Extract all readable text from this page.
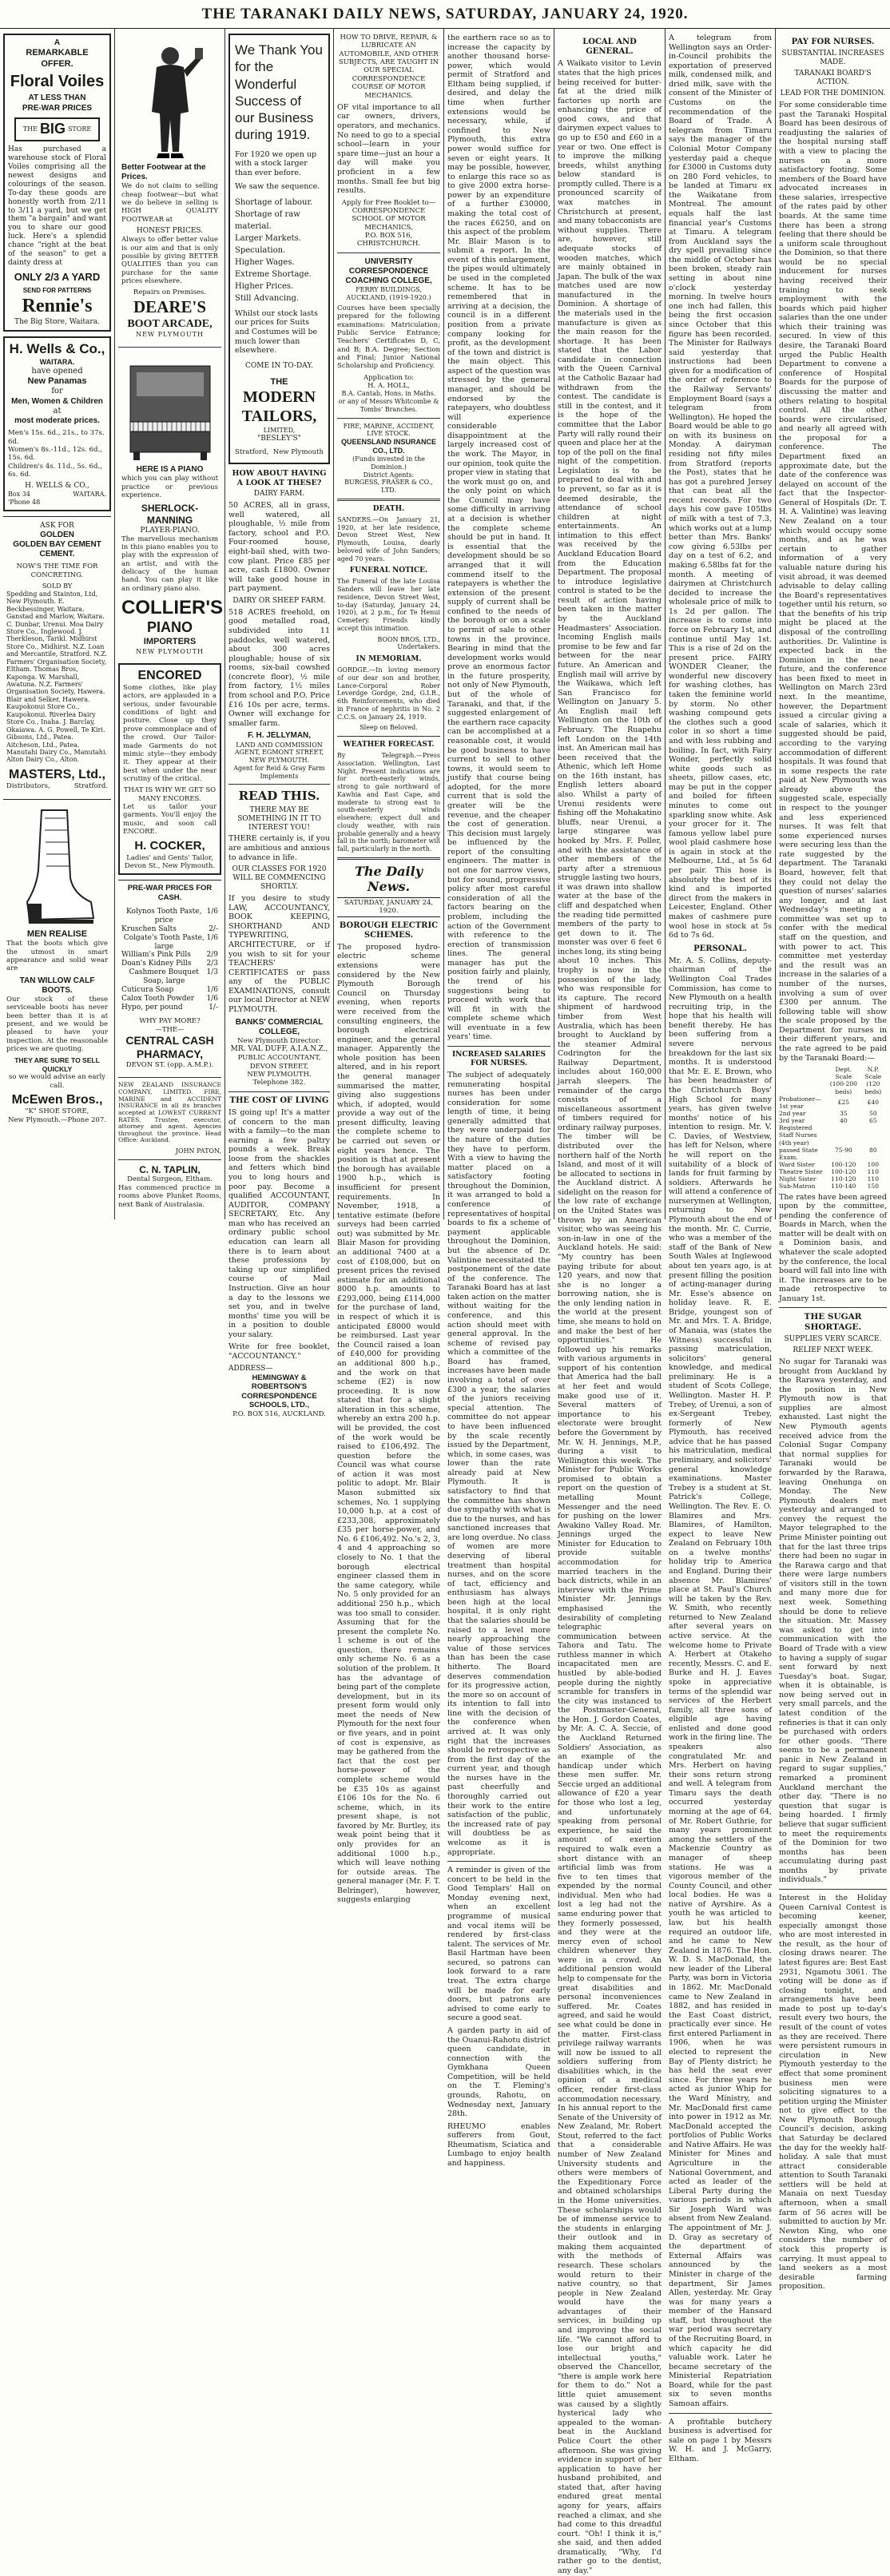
THE TARANAKI DAILY NEWS, SATURDAY, JANUARY 24, 1920.
A
REMARKABLE
OFFER.
Floral Voiles
AT LESS THAN
PRE-WAR PRICES
THE BIG STORE

Has purchased a warehouse stock of Floral Voiles comprising all the newest designs and colourings of the season. To-day these goods are honestly worth from 2/11 to 3/11 a yard, but we get them "a bargain" and want you to share our good luck. Here's a splendid chance "right at the beat of the season" to get a dainty dress at

ONLY 2/3 A YARD
SEND FOR PATTERNS
Rennie's
The Big Store, Waitara.
H. Wells & Co.,
WAITARA.
have opened
New Panamas
for
Men, Women & Children
at
most moderate prices.
Men's 15s. 6d., 21s., to 37s. 6d.
Women's 8s.-11d., 12s. 6d., 15s. 6d.
Children's 4s. 11d., 5s. 6d., 6s. 6d.
H. WELLS & CO.,
Box 34	WAITARA.
'Phone 48
ASK FOR
GOLDEN
GOLDEN BAY CEMENT
CEMENT.
NOW'S THE TIME FOR CONCRETING.
SOLD BY

Spedding and Stainton, Ltd, New Plymouth. E. Beckbessinger, Waitara. Ganstad and Marlow, Waitara. C. Dunbar, Urenui. Moa Dairy Store Co., Inglewood. J. Therkleson, Tarikl. Midhirst Store Co., Midhirst. N.Z. Loan and Mercantile, Stratford. N.Z. Farmers' Organisation Society, Eltham. Thomas Bros, Kaponga. W. Marshall, Awatuna. N.Z. Farmers' Organisation Society, Hawera. Blair and Selker, Hawera. Kaupokonui Store Co., Kaupokonui. Riverlea Dairy Store Co., Inaha. J. Barclay, Okaiawa. A. G. Powell, Te Kiri. Gibsons, Ltd., Patea. Aitcheson, Ltd., Patea. Manutahi Dairy Co., Manutahi. Alton Dairy Co., Alton.

MASTERS, Ltd.,
Distributors,	Stratford.
MEN REALISE

That the boots which give the utmost in smart appearance and solid wear are

TAN WILLOW CALF BOOTS.

Our stock of these serviceable boots has never been better than it is at present, and we would be pleased to have your inspection. At the reasonable prices we are quoting.

THEY ARE SURE TO SELL QUICKLY
so we would advise an early call.
McEwen Bros.,
"K" SHOE STORE,
New Plymouth.—Phone 207.
Better Footwear at the Prices.

We do not claim to selling cheap footwear—but what we do believe in selling is HIGH QUALITY FOOTWEAR at

HONEST PRICES.

Always to offer better value is our aim and that is only possible by giving BETTER QUALITIES than you can purchase for the same prices elsewhere.

Repairs on Premises.
DEARE'S
BOOT ARCADE,
NEW PLYMOUTH
HERE IS A PIANO

which you can play without practice or previous experience.

SHERLOCK-MANNING
PLAYER-PIANO.

The marvellous mechanism in this piano enables you to play with the expression of an artist, and with the delicacy of the human hand. You can play it like an ordinary piano also.

COLLIER'S
PIANO
IMPORTERS
NEW PLYMOUTH
ENCORED

Some clothes, like play actors, are applauded in a serious, under favourable conditions of light and posture. Close up they prove commonplace and of the crowd. Our Tailor-made Garments do not mimic style—they embody it. They appear at their best when under the near scrutiny of the critical.

THAT IS WHY WE GET SO MANY ENCORES.

Let us tailor your garments. You'll enjoy the music, and soon call ENCORE.

H. COCKER,
Ladies' and Gents' Tailor,
Devon St., New Plymouth.
PRE-WAR PRICES FOR CASH.
Kolynos Tooth Paste, price
1/6
Kruschen Salts	2/-
Colgate's Tooth Paste, large
1/6
William's Pink Pills 2/9
Doan's Kidney Pills 2/3
Cashmere Bouquet Soap, large
1/3
Cuticura Soap	1/6
Calox Tooth Powder 1/6
Hypo, per pound	1/-
WHY PAY MORE?
—THE—
CENTRAL CASH
PHARMACY,
DEVON ST. (opp. A.M.P.).

NEW ZEALAND INSURANCE COMPANY, LIMITED. FIRE, MARINE and ACCIDENT INSURANCE in all its branches accepted at LOWEST CURRENT RATES. Trustee, executor, attorney and agent. Agencies throughout the province. Head Office: Auckland.

JOHN PATON,
C. N. TAPLIN,
Dental Surgeon, Eltham.

Has commenced practice in rooms above Plunket Rooms, next Bank of Australasia.

We Thank You for the Wonderful Success of our Business during 1919.

For 1920 we open up with a stock larger than ever before.

We saw the sequence.
Shortage of labour.
Shortage of raw material.
Larger Markets.
Speculation.
Higher Wages.
Extreme Shortage.
Higher Prices.
Still Advancing.

Whilst our stock lasts our prices for Suits and Costumes will be much lower than elsewhere.

COME IN TO-DAY.
THE
MODERN
TAILORS,
LIMITED,
"BESLEY'S"
Stratford, New Plymouth
HOW ABOUT HAVING A LOOK AT THESE?
DAIRY FARM.

50 ACRES, all in grass, well watered, all ploughable, ½ mile from factory, school and P.O. Four-roomed house, eight-bail shed, with two-cow plant. Price £85 per acre, cash £1800. Owner will take good house in part payment.

DAIRY OR SHEEP FARM.

518 ACRES freehold, on good metalled road, subdivided into 11 paddocks, well watered, about 300 acres ploughable; house of six rooms, six-bail cowshed (concrete floor), ½ mile from factory, 1½ miles from school and P.O. Price £16 10s per acre, terms. Owner will exchange for smaller farm.

F. H. JELLYMAN,
LAND AND COMMISSION AGENT, EGMONT STREET, NEW PLYMOUTH.
Agent for Reid & Gray Farm Implements
READ THIS.
THERE MAY BE SOMETHING IN IT TO INTEREST YOU!

THERE certainly is, if you are ambitious and anxious to advance in life.

OUR CLASSES FOR 1920 WILL BE COMMENCING SHORTLY.

If you desire to study LAW, ACCOUNTANCY, BOOK KEEPING, SHORTHAND AND TYPEWRITING, ARCHITECTURE, or if you wish to sit for your TEACHERS' CERTIFICATES or pass any of the PUBLIC EXAMINATIONS, consult our local Director at NEW PLYMOUTH.

BANKS' COMMERCIAL COLLEGE,
New Plymouth Director:
MR. VAL DUFF, A.I.A.N.Z.,
PUBLIC ACCOUNTANT,
DEVON STREET,
NEW PLYMOUTH.
Telephone 382.
THE COST OF LIVING

IS going up! It's a matter of concern to the man with a family—to the man earning a few paltry pounds a week. Break loose from the shackles and fetters which bind you to long hours and poor pay. Become a qualified ACCOUNTANT, AUDITOR, COMPANY SECRETARY, Etc. Any man who has received an ordinary public school education can learn all there is to learn about these professions by taking up our simplified course of Mail Instruction. Give an hour a day to the lessons we set you, and in twelve months' time you will be in a position to double your salary.

Write for free booklet, "ACCOUNTANCY."

ADDRESS—
HEMINGWAY & ROBERTSON'S CORRESPONDENCE SCHOOLS, LTD.,
P.O. BOX 516, AUCKLAND.
HOW TO DRIVE, REPAIR, & LUBRICATE AN AUTOMOBILE, AND OTHER SUBJECTS, ARE TAUGHT IN
OUR SPECIAL CORRESPONDENCE COURSE OF MOTOR MECHANICS.

OF vital importance to all car owners, drivers, operators, and mechanics. No need to go to a special school—learn in your spare time—just an hour a day will make you proficient in a few months. Small fee but big results.

Apply for Free Booklet to—
CORRESPONDENCE SCHOOL OF MOTOR MECHANICS,
P.O. BOX 516,
CHRISTCHURCH.
UNIVERSITY
CORRESPONDENCE COACHING COLLEGE,
FERRY BUILDINGS, AUCKLAND, (1919-1920.)

Courses have been specially prepared for the following examinations: Matriculation; Public Service Entrance; Teachers' Certificates D, C, and B; B.A. Degree; Section and Final; Junior National Scholarship and Proficiency.

Application to:
H. A. HOLL,
B.A. Cantab, Hons. in Maths. or any of Messrs Whitcombe & Tombs' Branches.
FIRE, MARINE, ACCIDENT, LIVE STOCK.
QUEENSLAND INSURANCE CO., LTD.
(Funds invested in the Dominion.)
District Agents:
BURGESS, FRASER & CO., LTD.
DEATH.

SANDERS.—On January 21, 1920, at her late residence, Devon Street West, New Plymouth, Louisa, dearly beloved wife of John Sanders; aged 70 years.

FUNERAL NOTICE.

The Funeral of the late Louisa Sanders will leave her late residence, Devon Street West, to-day (Saturday, January 24, 1920), at 2 p.m., for Te Henui Cemetery. Friends kindly accept this intimation.

BOON BROS, LTD., Undertakers.
IN MEMORIAM.

GORDGE.—In loving memory of our dear son and brother, Lance-Corporal Rober Leverdge Gordge, 2nd, G.I.R., 6th Reinforcements, who died in France of nephritis in No. 2 C.C.S. on January 24, 1919.

Sleep on Beloved.
WEATHER FORECAST.

By Telegraph.—Press Association. Wellington, Last Night. Present indications are for north-easterly winds, strong to gale northward of Kawhia and East Cape, and moderate to strong east to south-easterly winds elsewhere; expect dull and cloudy weather, with rain probable generally and a heavy fall in the north; barometer will fall, particularly in the north.

The Daily News.
SATURDAY, JANUARY 24, 1920.
BOROUGH ELECTRIC SCHEMES.

The proposed hydro-electric scheme extensions were considered by the New Plymouth Borough Council on Thursday evening, when reports were received from the consulting engineers, the borough electrical engineer, and the general manager. Apparently the whole position has been altered, and in his report the general manager summarised the matter, giving also suggestions which, if adopted, would provide a way out of the present difficulty, leaving the complete scheme to be carried out seven or eight years hence. The position is that at present the borough has available 1900 h.p., which is insufficient for present requirements. In November, 1918, a tentative estimate (before surveys had been carried out) was submitted by Mr. Blair Mason for providing an additional 7400 at a cost of £108,000, but on present prices the revised estimate for an additional 8000 h.p. amounts to £293,000, being £114,000 for the purchase of land, in respect of which it is anticipated £8000 would be reimbursed. Last year the Council raised a loan of £40,000 for providing an additional 800 h.p., and the work on that scheme (E2) is now proceeding. It is now stated that for a slight alteration in this scheme, whereby an extra 200 h.p. will be provided, the cost of the work would be raised to £106,492. The question before the Council was what course of action it was most politic to adopt. Mr. Blair Mason submitted six schemes, No. 1 supplying 10,000 h.p. at a cost of £233,308, approximately £35 per horse-power, and No. 6 £106,492. No.'s 2, 3, 4 and 4 approaching so closely to No. 1 that the borough electrical engineer classed them in the same category, while No. 5 only provided for an additional 250 h.p., which was too small to consider. Assuming that for the present the complete No. 1 scheme is out of the question, there remains only scheme No. 6 as a solution of the problem. It has the advantage of being part of the complete development, but in its present form would only meet the needs of New Plymouth for the next four or five years, and in point of cost is expensive, as may be gathered from the fact that the cost per horse-power of the complete scheme would be £35 10s as against £106 10s for the No. 6 scheme, which, in its present shape, is not favored by Mr. Burtley, its weak point being that it only provides for an additional 1000 h.p., which will leave nothing for outside areas. The general manager (Mr. F. T. Belringer), however, suggests enlarging

the earthern race so as to increase the capacity by another thousand horse-power, which would permit of Stratford and Eltham being supplied, if desired, and delay the time when further extensions would be necessary, while, if confined to New Plymouth, this extra power would suffice for seven or eight years. It may be possible, however, to enlarge this race so as to give 2000 extra horse-power by an expenditure of a further £30000, making the total cost of the races £6250, and on this aspect of the problem Mr. Blair Mason is to submit a report. In the event of this enlargement, the pipes would ultimately be used in the completed scheme. It has to be remembered that in arriving at a decision, the council is in a different position from a private company looking for profit, as the development of the town and district is the main object. This aspect of the question was stressed by the general manager, and should be endorsed by the ratepayers, who doubtless will experience considerable disappointment at the largely increased cost of the work. The Mayor, in our opinion, took quite the proper view in stating that the work must go on, and the only point on which the Council may have some difficulty in arriving at a decision is whether the complete scheme should be put in hand. It is essential that the development should be so arranged that it will commend itself to the ratepayers is whether the extension of the present supply of current shall be confined to the needs of the borough or on a scale to permit of sale to other towns in the province. Bearing in mind that the development works would prove an enormous factor in the future prosperity, not only of New Plymouth, but of the whole of Taranaki, and that, if the suggested enlargement of the earthern race capacity can be accomplished at a reasonable cost, it would be good business to have current to sell to other towns, it would seem to justify that course being adopted, for the more current that is sold the greater will be the revenue, and the cheaper the cost of generation. This decision must largely be influenced by the report of the consulting engineers. The matter is not one for narrow views, but for sound, progressive policy after most careful consideration of all the factors bearing on the problem, including the action of the Government with reference to the erection of transmission lines. The general manager has put the position fairly and plainly, the trend of his suggestions being to proceed with work that will fit in with the complete scheme which will eventuate in a few years' time.

INCREASED SALARIES FOR NURSES.

The subject of adequately remunerating hospital nurses has been under consideration for some length of time, it being generally admitted that they were underpaid for the nature of the duties they have to perform. With a view to having the matter placed on a satisfactory footing throughout the Dominion, it was arranged to hold a conference of representatives of hospital boards to fix a scheme of payment applicable throughout the Dominion, but the absence of Dr. Valintine necessitated the postponement of the date of the conference. The Taranaki Board has at last taken action on the matter without waiting for the conference, and this action should meet with general approval. In the scheme of revised pay which a committee of the Board has framed, increases have been made involving a total of over £300 a year, the salaries of the juniors receiving special attention. The committee do not appear to have been influenced by the scale recently issued by the Department, which, in some cases, was lower than the rate already paid at New Plymouth. It is satisfactory to find that the committee has shown due sympathy with what is due to the nurses, and has sanctioned increases that are long overdue. No class of women are more deserving of liberal treatment than hospital nurses, and on the score of tact, efficiency and enthusiasm has always been high at the local hospital, it is only right that the salaries should be raised to a level more nearly approaching the value of those services than has been the case hitherto. The Board deserves commendation for its progressive action, the more so on account of its intention to fall into line with the decision of the conference when arrived at. It was only right that the increases should be retrospective as from the first day of the current year, and though the nurses have in the past cheerfully and thoroughly carried out their work to the entire satisfaction of the public, the increased rate of pay will doubtless be as welcome as it is appropriate.

A reminder is given of the concert to be held in the Good Templars' Hall on Monday evening next, when an excellent programme of musical and vocal items will be rendered by first-class talent. The services of Mr. Basil Hartman have been secured, so patrons can look forward to a rare treat. The extra charge will be made for early doors, but patrons are advised to come early to secure a good seat.

A garden party in aid of the Ouanui-Rahotu district queen candidate, in connection with the Gymkhana Queen Competition, will be held on the T. Fleming's grounds, Rahotu, on Wednesday next, January 28th.

RHEUMO enables sufferers from Gout, Rheumatism, Sciatica and Lumbago to enjoy health and happiness.

LOCAL AND GENERAL.

A Waikato visitor to Levin states that the high prices being received for butter-fat at the dried milk factories up north are enhancing the price of good cows, and that dairymen expect values to go up to £50 and £60 in a year or two. One effect is to improve the milking breeds, whilst anything below standard is promptly culled. There is a pronounced scarcity of wax matches in Christchurch at present, and many tobacconists are without supplies. There are, however, still adequate stocks of wooden matches, which are mainly obtained in Japan. The bulk of the wax matches used are now manufactured in the Dominion. A shortage of the materials used in the manufacture is given as the main reason for the shortage. It has been stated that the Labor candidate in connection with the Queen Carnival at the Catholic Bazaar had withdrawn from the contest. The candidate is still in the contest, and it is the hope of the committee that the Labor Party will rally round their queen and place her at the top of the poll on the final night of the competition. Legislation is to be prepared to deal with and to prevent, so far as it is deemed desirable, the attendance of school children at night entertainments. An intimation to this effect was received by the Auckland Education Board from the Education Department. The proposal to introduce legislative control is stated to be the result of action having been taken in the matter by the Auckland Headmasters' Association. Incoming English mails promise to be few and far between for the near future. An American and English mail will arrive by the Waikawa, which left San Francisco for Wellington on January 5. An English mail left Wellington on the 10th of February. The Ruapehu left London on the 14th inst. An American mail has been received that the Athenic, which left Home on the 16th instant, has English letters aboard also. Whilst a party of Urenui residents were fishing off the Mohakatino bluffs, near Urenui, a large stingaree was hooked by Mrs. F. Poller, and with the assistance of other members of the party after a strenuous struggle lasting two hours, it was drawn into shallow water at the base of the cliff and despatched when the reading tide permitted members of the party to get down to it. The monster was over 6 feet 6 inches long, its sting being about 10 inches. This trophy is now in the possession of the lady, who was responsible for its capture. The record shipment of hardwood timber from West Australia, which has been brought to Auckland by the steamer Admiral Codrington for the Railway Department, includes about 160,000 jarrah sleepers. The remainder of the cargo consists of a miscellaneous assortment of timbers required for ordinary railway purposes. The timber will be distributed over the northern half of the North Island, and most of it will be allocated to sections in the Auckland district. A sidelight on the reason for the low rate of exchange on the United States was thrown by an American visitor, who was seeing his son-in-law in one of the Auckland hotels. He said: "My country has been paying tribute for about 120 years, and now that she is no longer a borrowing nation, she is the only lending nation in the world at the present time, she means to hold on and make the best of her opportunities." He followed up his remarks with various arguments in support of his contention that America had the ball at her feet and would make good use of it. Several matters of importance to his electorate were brought before the Government by Mr. W. H. Jennings, M.P., during a visit to Wellington this week. The Minister for Public Works promised to obtain a report on the question of metalling Mount Messenger and the need for pushing on the lower Awakino Valley Road. Mr. Jennings urged the Minister for Education to provide suitable accommodation for married teachers in the back districts, while in an interview with the Prime Minister Mr. Jennings emphasised the desirability of completing telegraphic communication between Tahora and Tatu. The ruthless manner in which incapacitated men are hustled by able-bodied people during the nightly scramble for transfers in the city was instanced to the Postmaster-General, the Hon. J. Gordon Coates, by Mr. A. C. A. Seccie, of the Auckland Returned Soldiers' Association, as an example of the handicap under which these men suffer. Mr. Seccie urged an additional allowance of £20 a year for those who lost a leg, and unfortunately speaking from personal experience, he said the amount of exertion required to walk even a short distance with an artificial limb was from five to ten times that expended by the normal individual. Men who had lost a leg had not the same enduring power that they formerly possessed, and they were at the mercy even of school children whenever they were in a crowd. An additional pension would help to compensate for the great disabilities and personal inconveniences suffered. Mr. Coates agreed, and said he would see what could be done in the matter. First-class privilege railway warrants will now be issued to all soldiers suffering from disabilities which, in the opinion of a medical officer, render first-class accommodation necessary. In his annual report to the Senate of the University of New Zealand, Mr. Robert Stout, referred to the fact that a considerable number of New Zealand University students and others were members of the Expeditionary Force and obtained scholarships in the Home universities. These scholarships would be of immense service to the students in enlarging their outlook and in making them acquainted with the methods of research. These scholars would return to their native country, so that people in New Zealand would have the advantages of their services, in building up and improving the social life. "We cannot afford to lose our bright and intellectual youths," observed the Chancellor, "there is ample work here for them to do." Not a little quiet amusement was caused by a slightly hysterical lady who appealed to the woman-beat in the Auckland Police Court the other afternoon. She was giving evidence in support of her application to have her husband prohibited, and stated that, after having endured great mental agony for years, affairs reached a climax, and she had come to this dreadful court. "Oh! I think it is," she said, and then added dramatically, "Why, I'd rather go to the dentist, any day."

A telegram from Wellington says an Order-in-Council prohibits the exportation of preserved milk, condensed milk, and dried milk, save with the consent of the Minister of Customs on the recommendation of the Board of Trade. A telegram from Timaru says the manager of the Colonial Motor Company yesterday paid a cheque for £3000 in Customs duty on 280 Ford vehicles, to be landed at Timaru ex the Waikatane from Montreal. The amount equals half the last financial year's Customs at Timaru. A telegram from Auckland says the dry spell prevailing since the middle of October has been broken, steady rain setting in about nine o'clock yesterday morning. In twelve hours one inch had fallen, this being the first occasion since October that this figure has been recorded. The Minister for Railways said yesterday that instructions had been given for a modification of the order of reference to the Railway Servants' Employment Board (says a telegram from Wellington). He hoped the Board would be able to go on with its business on Monday. A dairyman residing not fifty miles from Stratford (reports the Post), states that he has got a purebred Jersey that can beat all the recent records. For two days his cow gave 105lbs of milk with a test of 7.3, which works out at a lump better than Mrs. Banks' cow giving 6.53lbs per day on a test of 6.2, and making 6.58lbs fat for the month. A meeting of dairymen at Christchurch decided to increase the wholesale price of milk to 1s 2d per gallon. The increase is to come into force on February 1st, and continue until May 1st. This is a rise of 2d on the present price. FAIRY WONDER Cleaner, the wonderful new discovery for washing clothes, has taken the feminine world by storm. No other washing compound gets the clothes such a good color in so short a time and with less rubbing and boiling. In fact, with Fairy Wonder, perfectly solid white goods such as sheets, pillow cases, etc, may be put in the copper and boiled for fifteen minutes to come out sparkling snow white. Ask your grocer for it. The famous yellow label pure wool plaid cashmere hose is again in stock at the Melbourne, Ltd., at 5s 6d per pair. This hose is absolutely the best of its kind and is imported direct from the makers in Leicester, England. Other makes of cashmere pure wool hose in stock at 5s 6d to 7s 6d.

PERSONAL.

Mr. A. S. Collins, deputy-chairman of the Wellington Coal Trades Commission, has come to New Plymouth on a health recruiting trip, in the hope that his health will benefit thereby. He has been suffering from a severe nervous breakdown for the last six months. It is understood that Mr. E. E. Brown, who has been headmaster of the Christchurch Boys' High School for many years, has given twelve months' notice of his intention to resign. Mr. V. C. Davies, of Westview, has left for Nelson, where he will report on the suitability of a block of lands for fruit farming by soldiers. Afterwards he will attend a conference of nurserymen at Wellington, returning to New Plymouth about the end of the month. Mr. C. Currie, who was a member of the staff of the Bank of New South Wales at Inglewood about ten years ago, is at present filling the position of acting-manager during Mr. Esse's absence on holiday leave. R. E. Bridge, youngest son of Mr. and Mrs. T. A. Bridge, of Manaia, was (states the Witness) successful in passing matriculation, solicitors' general knowledge, and medical preliminary. He is a student of Scots College, Wellington. Master H. P. Trebey, of Urenui, a son of ex-Sergeant Trebey, formerly of New Plymouth, has received advice that he has passed his matriculation, medical preliminary, and solicitors' general knowledge examinations. Master Trebey is a student at St. Patrick's College, Wellington. The Rev. E. O. Blamires and Mrs. Blamires, of Hamilton, expect to leave New Zealand on February 10th on a twelve months' holiday trip to America and England. During their absence Mr. Blamires' place at St. Paul's Church will be taken by the Rev. W. Smith, who recently returned to New Zealand after several years on active service. At the welcome home to Private A. Herbert at Otakeho recently, Messrs. C. and E. Burke and H. J. Eaves spoke in appreciative terms of the splendid war services of the Herbert family, all three sons of eligible age having enlisted and done good work in the firing line. The speakers also congratulated Mr. and Mrs. Herbert on having their sons return strong and well. A telegram from Timaru says the death occurred yesterday morning at the age of 64, of Mr. Robert Guthrie, for many years prominent among the settlers of the Mackenzie Country as manager of sheep stations. He was a vigorous member of the County Council, and other local bodies. He was a native of Ayrshire. As a youth he was articled to law, but his health required an outdoor life, and he came to New Zealand in 1876. The Hon. W. D. S. MacDonald, the new leader of the Liberal Party, was born in Victoria in 1862. Mr. MacDonald came to New Zealand in 1882, and has resided in the East Coast district, practically ever since. He first entered Parliament in 1906, when he was elected to represent the Bay of Plenty district; he has held the seat ever since. For three years he acted as junior Whip for the Ward Ministry, and Mr. MacDonald first came into power in 1912 as Mr. MacDonald accepted the portfolios of Public Works and Native Affairs. He was Minister for Mines and Agriculture in the National Government, and acted as leader of the Liberal Party during the various periods in which Sir Joseph Ward was absent from New Zealand. The appointment of Mr. J. D. Gray as secretary of the department of External Affairs was announced by the Minister in charge of the department, Sir James Allen, yesterday. Mr. Gray was for many years a member of the Hansard staff, but throughout the war period was secretary of the Recruiting Board, in which capacity he did valuable work. Later he became secretary of the Ministerial Repatriation Board, while for the past six to seven months Samoan affairs.

A profitable butchery business is advertised for sale on page 1 by Messrs W. H. and J. McGarry, Eltham.

PAY FOR NURSES.
SUBSTANTIAL INCREASES MADE.
TARANAKI BOARD'S ACTION.
LEAD FOR THE DOMINION.

For some considerable time past the Taranaki Hospital Board has been desirous of readjusting the salaries of the hospital nursing staff with a view to placing the nurses on a more satisfactory footing. Some members of the Board have advocated increases in these salaries, irrespective of the rates paid by other boards. At the same time there has been a strong feeling that there should be a uniform scale throughout the Dominion, so that there would be no special inducement for nurses having received their training to seek employment with the boards which paid higher salaries than the one under which their training was secured. In view of this desire, the Taranaki Board urged the Public Health Department to convene a conference of Hospital Boards for the purpose of discussing the matter and others relating to hospital control. All the other boards were circularised, and nearly all agreed with the proposal for a conference. The Department fixed an approximate date, but the date of the conference was delayed on account of the fact that the Inspector-General of Hospitals (Dr. T. H. A. Valintine) was leaving New Zealand on a tour which would occupy some months, and as he was certain to gather information of a very valuable nature during his visit abroad, it was deemed advisable to delay calling the Board's representatives together until his return, so that the benefits of his trip might be placed at the disposal of the controlling authorities. Dr. Valintine is expected back in the Dominion in the near future, and the conference has been fixed to meet in Wellington on March 23rd next. In the meantime, however, the Department issued a circular giving a scale of salaries, which it suggested should be paid, according to the varying accommodation of different hospitals. It was found that in some respects the rate paid at New Plymouth was already above the suggested scale, especially in respect to the younger and less experienced nurses. It was felt that some experienced nurses were securing less than the rate suggested by the department. The Taranaki Board, however, felt that they could not delay the question of nurses' salaries any longer, and at last Wednesday's meeting a committee was set up to confer with the medical staff on the question, and with power to act. This committee met yesterday and the result was an increase in the salaries of a number of the nurses, involving a sum of over £300 per annum. The following table will show the scale proposed by the Department for nurses in their different years, and the rate agreed to be paid by the Taranaki Board:—

	Dept. Scale (100-200 beds)	N.P. Scale (120 beds)
Probationer—1st year	£25	£40
2nd year	35	50
3rd year	40	65
Registered Staff Nurses		
(4th year) passed State Exam.	75-90	80
Ward Sister	100-120	100
Theatre Sister	100-120	110
Night Sister	110-120	110
Sub-Matron	110-140	150

The rates have been agreed upon by the committee, pending the conference of Boards in March, when the matter will be dealt with on a Dominion basis, and whatever the scale adopted by the conference, the local board will fall into line with it. The increases are to be made retrospective to January 1st.

THE SUGAR SHORTAGE.
SUPPLIES VERY SCARCE.
RELIEF NEXT WEEK.

No sugar for Taranaki was brought from Auckland by the Rarawa yesterday, and the position in New Plymouth now is that supplies are almost exhausted. Last night the New Plymouth agents received advice from the Colonial Sugar Company that normal supplies for Taranaki would be forwarded by the Rarawa, leaving Onehunga on Monday. The New Plymouth dealers met yesterday and arranged to convey the request the Mayor telegraphed to the Prime Minister pointing out that for the last three trips there had been no sugar in the Rarawa cargo and that there were large numbers of visitors still in the town and many more due for next week. Something should be done to relieve the situation. Mr. Massey was asked to get into communication with the Board of Trade with a view to having a supply of sugar sent forward by next Tuesday's boat. Sugar, when it is obtainable, is now being served out in very small parcels, and the latest condition of the refineries is that it can only be purchased with orders for other goods. "There seems to be a permanent panic in New Zealand in regard to sugar supplies," remarked a prominent Auckland merchant the other day. "There is no question that sugar is being hoarded. I firmly believe that sugar sufficient to meet the requirements of the Dominion for two months has been accumulating during past months by private individuals."

Interest in the Holiday Queen Carnival Contest is becoming keener, especially amongst those who are most interested in the result, as the hour of closing draws nearer. The latest figures are: Best East 2931, Ngamotu 3061. The voting will be done as if closing tonight, and arrangements have been made to post up to-day's result every two hours, the result of the count of votes as they are received. There were persistent rumours in circulation in New Plymouth yesterday to the effect that some prominent business men were soliciting signatures to a petition urging the Minister not to give effect to the New Plymouth Borough Council's decision, asking that Saturday be declared the day for the weekly half-holiday. A sale that must attract considerable attention to South Taranaki settlers will be held at Manaia on next Tuesday afternoon, when a small farm of 56 acres will be submitted to auction by Mr. Newton King, who one considers the number of stock this property is carrying. It must appeal to land seekers as a most desirable farming proposition.
